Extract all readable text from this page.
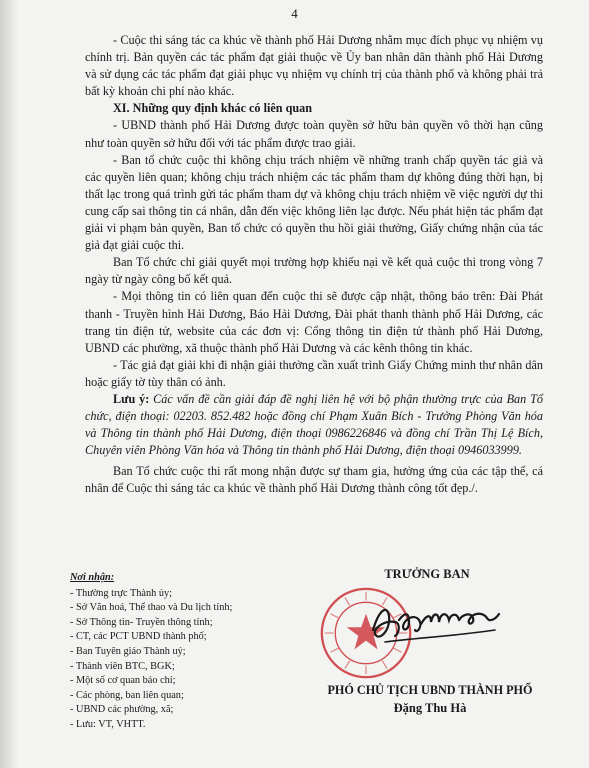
4

- Cuộc thi sáng tác ca khúc về thành phố Hải Dương nhằm mục đích phục vụ nhiệm vụ chính trị. Bản quyền các tác phẩm đạt giải thuộc về Ủy ban nhân dân thành phố Hải Dương và sử dụng các tác phẩm đạt giải phục vụ nhiệm vụ chính trị của thành phố và không phải trả bất kỳ khoản chi phí nào khác.

XI. Những quy định khác có liên quan

- UBND thành phố Hải Dương được toàn quyền sở hữu bản quyền vô thời hạn cũng như toàn quyền sở hữu đối với tác phẩm được trao giải.

- Ban tổ chức cuộc thi không chịu trách nhiệm về những tranh chấp quyền tác giả và các quyền liên quan; không chịu trách nhiệm các tác phẩm tham dự không đúng thời hạn, bị thất lạc trong quá trình gửi tác phẩm tham dự và không chịu trách nhiệm về việc người dự thi cung cấp sai thông tin cá nhân, dẫn đến việc không liên lạc được. Nếu phát hiện tác phẩm đạt giải vi phạm bản quyền, Ban tổ chức có quyền thu hồi giải thưởng, Giấy chứng nhận của tác giả đạt giải cuộc thi.

Ban Tổ chức chỉ giải quyết mọi trường hợp khiếu nại về kết quả cuộc thi trong vòng 7 ngày từ ngày công bố kết quả.

- Mọi thông tin có liên quan đến cuộc thi sẽ được cập nhật, thông báo trên: Đài Phát thanh - Truyền hình Hải Dương, Báo Hải Dương, Đài phát thanh thành phố Hải Dương, các trang tin điện tử, website của các đơn vị: Cổng thông tin điện tử thành phố Hải Dương, UBND các phường, xã thuộc thành phố Hải Dương và các kênh thông tin khác.

- Tác giả đạt giải khi đi nhận giải thưởng cần xuất trình Giấy Chứng minh thư nhân dân hoặc giấy tờ tùy thân có ảnh.

Lưu ý: Các vấn đề cần giải đáp đề nghị liên hệ với bộ phận thường trực của Ban Tổ chức, điện thoại: 02203. 852.482 hoặc đồng chí Phạm Xuân Bích - Trưởng Phòng Văn hóa và Thông tin thành phố Hải Dương, điện thoại 0986226846 và đồng chí Trần Thị Lệ Bích, Chuyên viên Phòng Văn hóa và Thông tin thành phố Hải Dương, điện thoại 0946033999.

Ban Tổ chức cuộc thi rất mong nhận được sự tham gia, hưởng ứng của các tập thể, cá nhân để Cuộc thi sáng tác ca khúc về thành phố Hải Dương thành công tốt đẹp./.

Nơi nhận:
- Thường trực Thành ủy;
- Sở Văn hoá, Thể thao và Du lịch tỉnh;
- Sở Thông tin- Truyền thông tỉnh;
- CT, các PCT UBND thành phố;
- Ban Tuyên giáo Thành uỷ;
- Thành viên BTC, BGK;
- Một số cơ quan báo chí;
- Các phòng, ban liên quan;
- UBND các phường, xã;
- Lưu: VT, VHTT.
TRƯỞNG BAN
PHÓ CHỦ TỊCH UBND THÀNH PHỐ
Đặng Thu Hà
